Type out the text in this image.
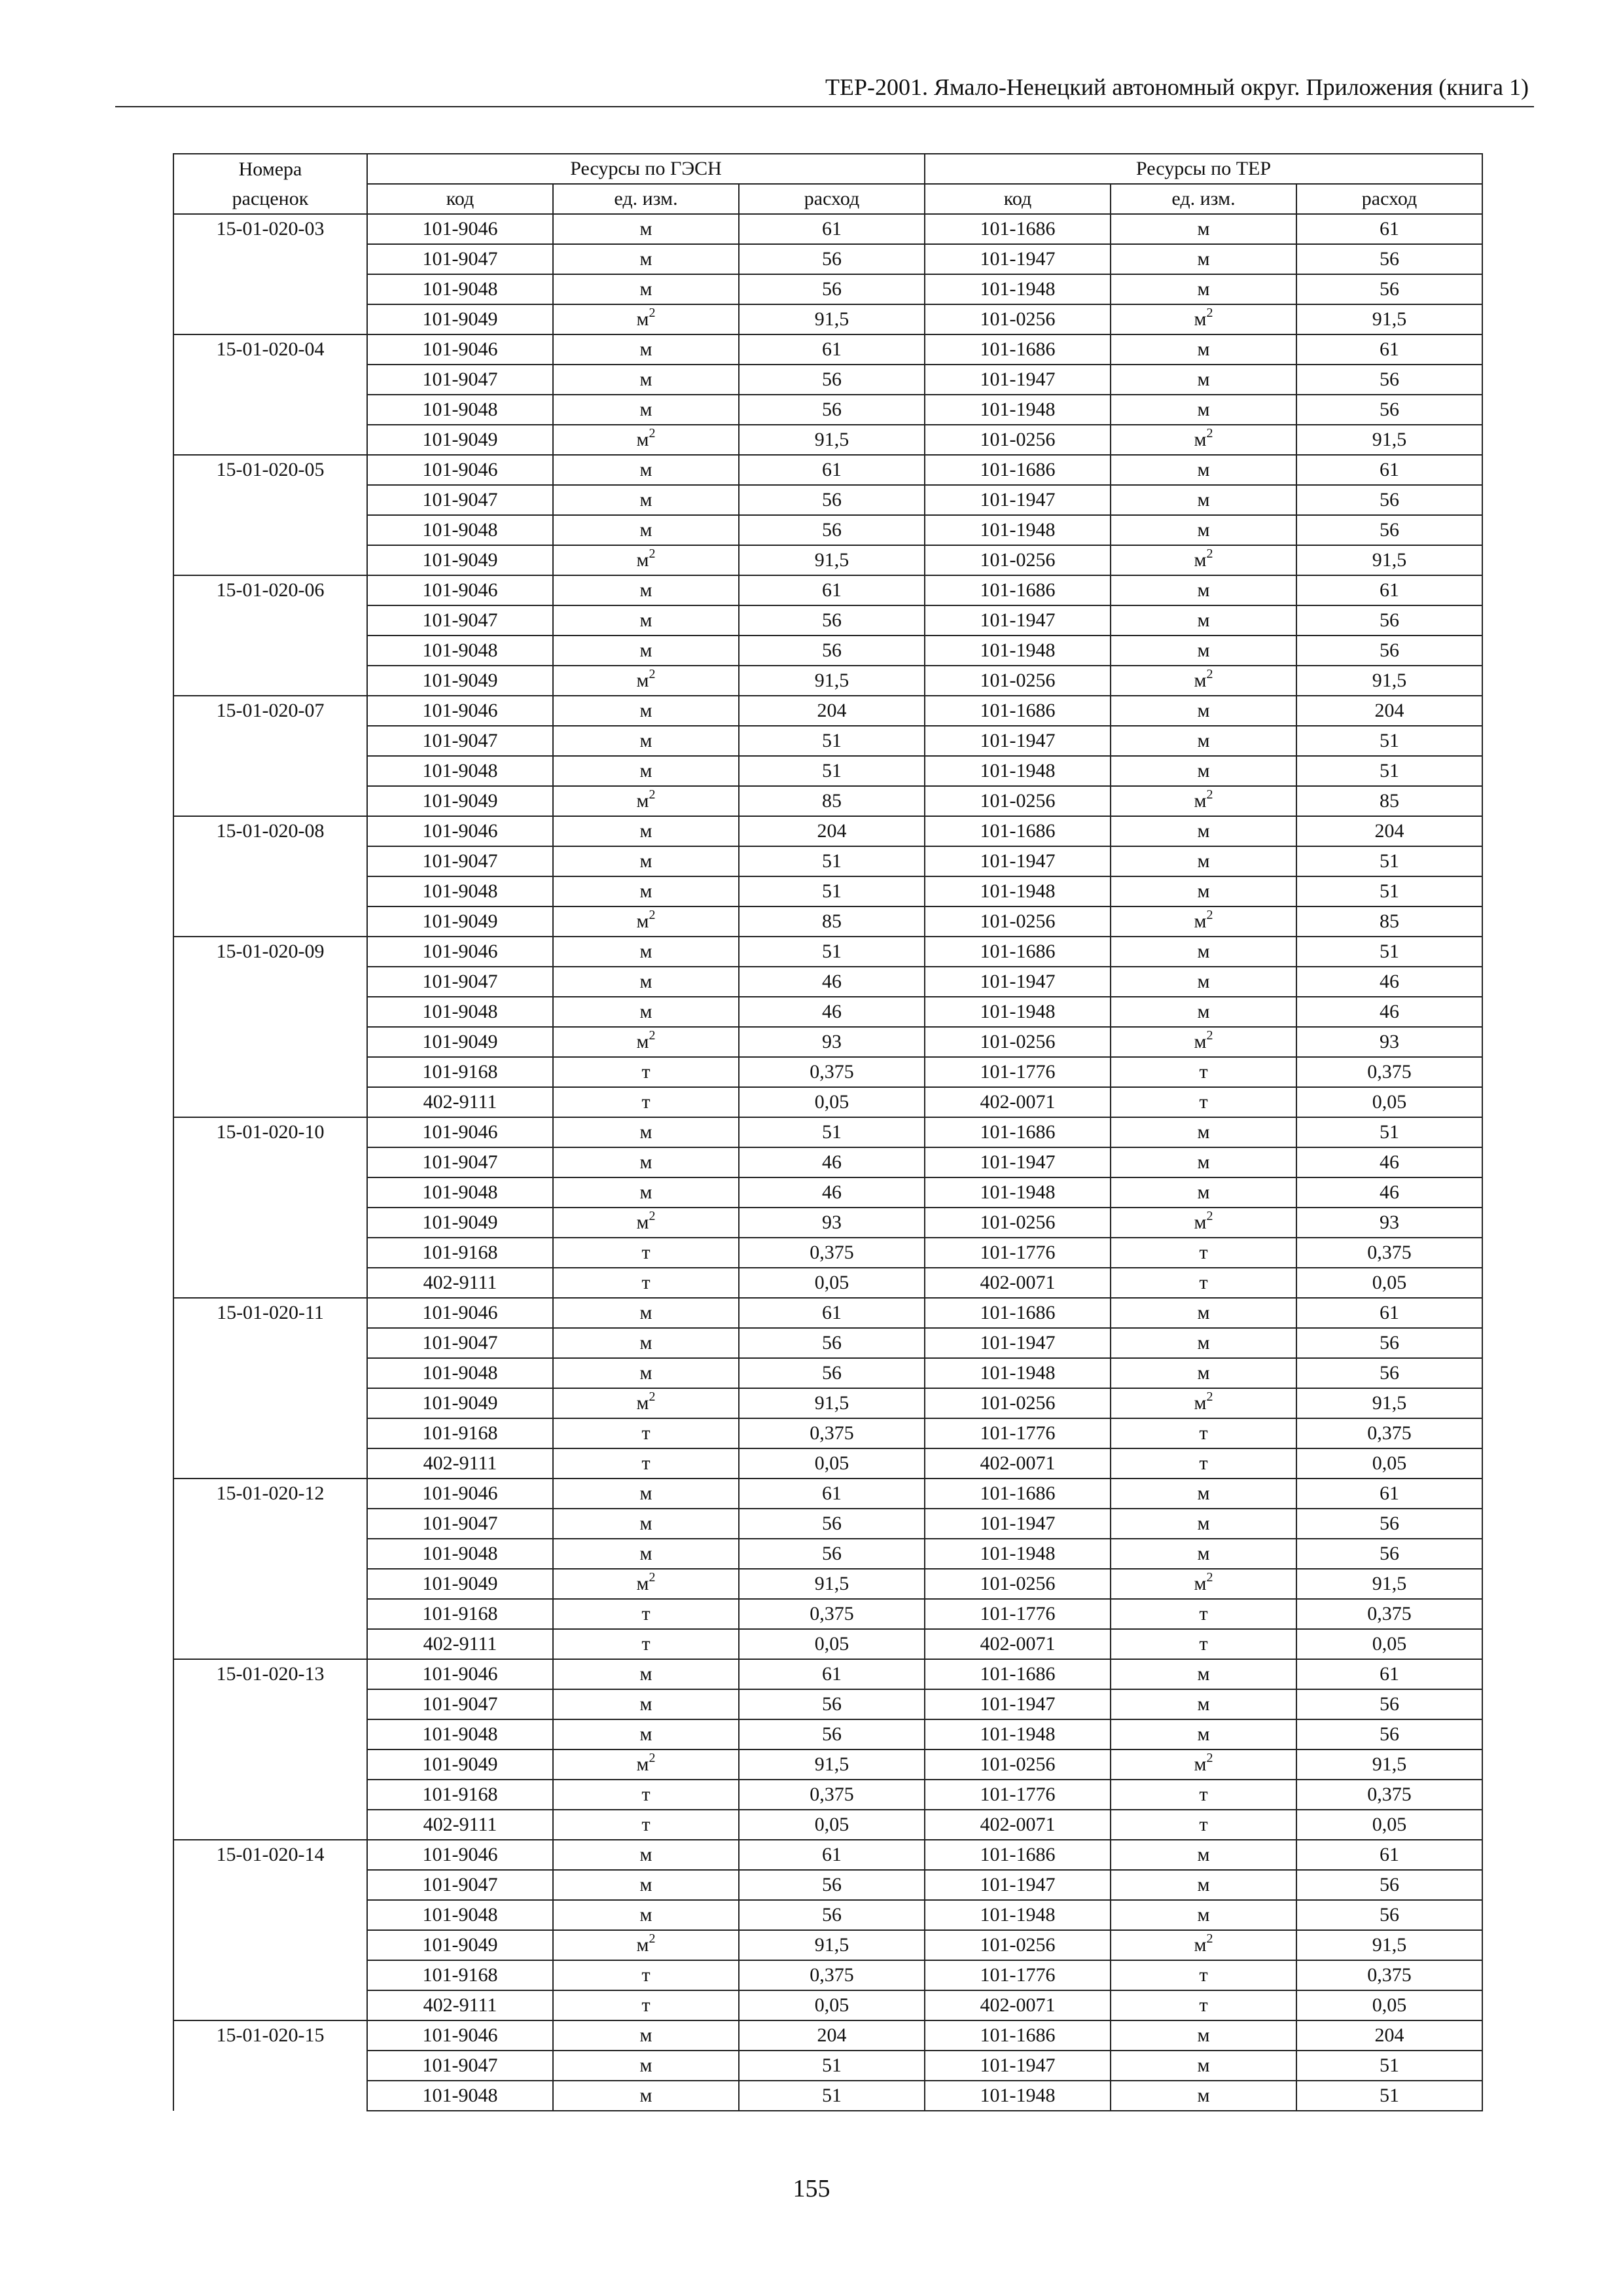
ТЕР-2001. Ямало-Ненецкий автономный округ. Приложения (книга 1)
Номера	Ресурсы по ГЭСН			Ресурсы по ТЕР		
расценок	код	ед. изм.	расход	код	ед. изм.	расход
15-01-020-03	101-9046	м	61	101-1686	м	61
	101-9047	м	56	101-1947	м	56
	101-9048	м	56	101-1948	м	56
	101-9049	$м^2$	91,5	101-0256	$м^2$	91,5
15-01-020-04	101-9046	м	61	101-1686	м	61
	101-9047	м	56	101-1947	м	56
	101-9048	м	56	101-1948	м	56
	101-9049	$м^2$	91,5	101-0256	$м^2$	91,5
15-01-020-05	101-9046	м	61	101-1686	м	61
	101-9047	м	56	101-1947	м	56
	101-9048	м	56	101-1948	м	56
	101-9049	$м^2$	91,5	101-0256	$м^2$	91,5
15-01-020-06	101-9046	м	61	101-1686	м	61
	101-9047	м	56	101-1947	м	56
	101-9048	м	56	101-1948	м	56
	101-9049	$м^2$	91,5	101-0256	$м^2$	91,5
15-01-020-07	101-9046	м	204	101-1686	м	204
	101-9047	м	51	101-1947	м	51
	101-9048	м	51	101-1948	м	51
	101-9049	$м^2$	85	101-0256	$м^2$	85
15-01-020-08	101-9046	м	204	101-1686	м	204
	101-9047	м	51	101-1947	м	51
	101-9048	м	51	101-1948	м	51
	101-9049	$м^2$	85	101-0256	$м^2$	85
15-01-020-09	101-9046	м	51	101-1686	м	51
	101-9047	м	46	101-1947	м	46
	101-9048	м	46	101-1948	м	46
	101-9049	$м^2$	93	101-0256	$м^2$	93
	101-9168	т	0,375	101-1776	т	0,375
	402-9111	т	0,05	402-0071	т	0,05
15-01-020-10	101-9046	м	51	101-1686	м	51
	101-9047	м	46	101-1947	м	46
	101-9048	м	46	101-1948	м	46
	101-9049	$м^2$	93	101-0256	$м^2$	93
	101-9168	т	0,375	101-1776	т	0,375
	402-9111	т	0,05	402-0071	т	0,05
15-01-020-11	101-9046	м	61	101-1686	м	61
	101-9047	м	56	101-1947	м	56
	101-9048	м	56	101-1948	м	56
	101-9049	$м^2$	91,5	101-0256	$м^2$	91,5
	101-9168	т	0,375	101-1776	т	0,375
	402-9111	т	0,05	402-0071	т	0,05
15-01-020-12	101-9046	м	61	101-1686	м	61
	101-9047	м	56	101-1947	м	56
	101-9048	м	56	101-1948	м	56
	101-9049	$м^2$	91,5	101-0256	$м^2$	91,5
	101-9168	т	0,375	101-1776	т	0,375
	402-9111	т	0,05	402-0071	т	0,05
15-01-020-13	101-9046	м	61	101-1686	м	61
	101-9047	м	56	101-1947	м	56
	101-9048	м	56	101-1948	м	56
	101-9049	$м^2$	91,5	101-0256	$м^2$	91,5
	101-9168	т	0,375	101-1776	т	0,375
	402-9111	т	0,05	402-0071	т	0,05
15-01-020-14	101-9046	м	61	101-1686	м	61
	101-9047	м	56	101-1947	м	56
	101-9048	м	56	101-1948	м	56
	101-9049	$м^2$	91,5	101-0256	$м^2$	91,5
	101-9168	т	0,375	101-1776	т	0,375
	402-9111	т	0,05	402-0071	т	0,05
15-01-020-15	101-9046	м	204	101-1686	м	204
	101-9047	м	51	101-1947	м	51
	101-9048	м	51	101-1948	м	51
155
